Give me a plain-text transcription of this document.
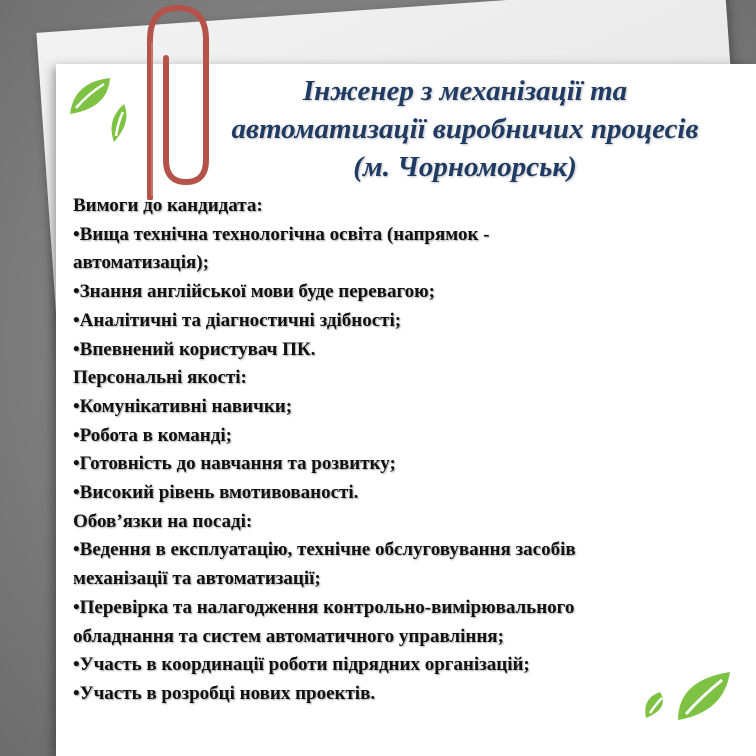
Інженер з механізації та
автоматизації виробничих процесів
(м. Чорноморськ)
Вимоги до кандидата:
•Вища технічна технологічна освіта (напрямок -
автоматизація);
•Знання англійської мови буде перевагою;
•Аналітичні та діагностичні здібності;
•Впевнений користувач ПК.
Персональні якості:
•Комунікативні навички;
•Робота в команді;
•Готовність до навчання та розвитку;
•Високий рівень вмотивованості.
Обов’язки на посаді:
•Ведення в експлуатацію, технічне обслуговування засобів
механізації та автоматизації;
•Перевірка та налагодження контрольно-вимірювального
обладнання та систем автоматичного управління;
•Участь в координації роботи підрядних організацій;
•Участь в розробці нових проектів.
